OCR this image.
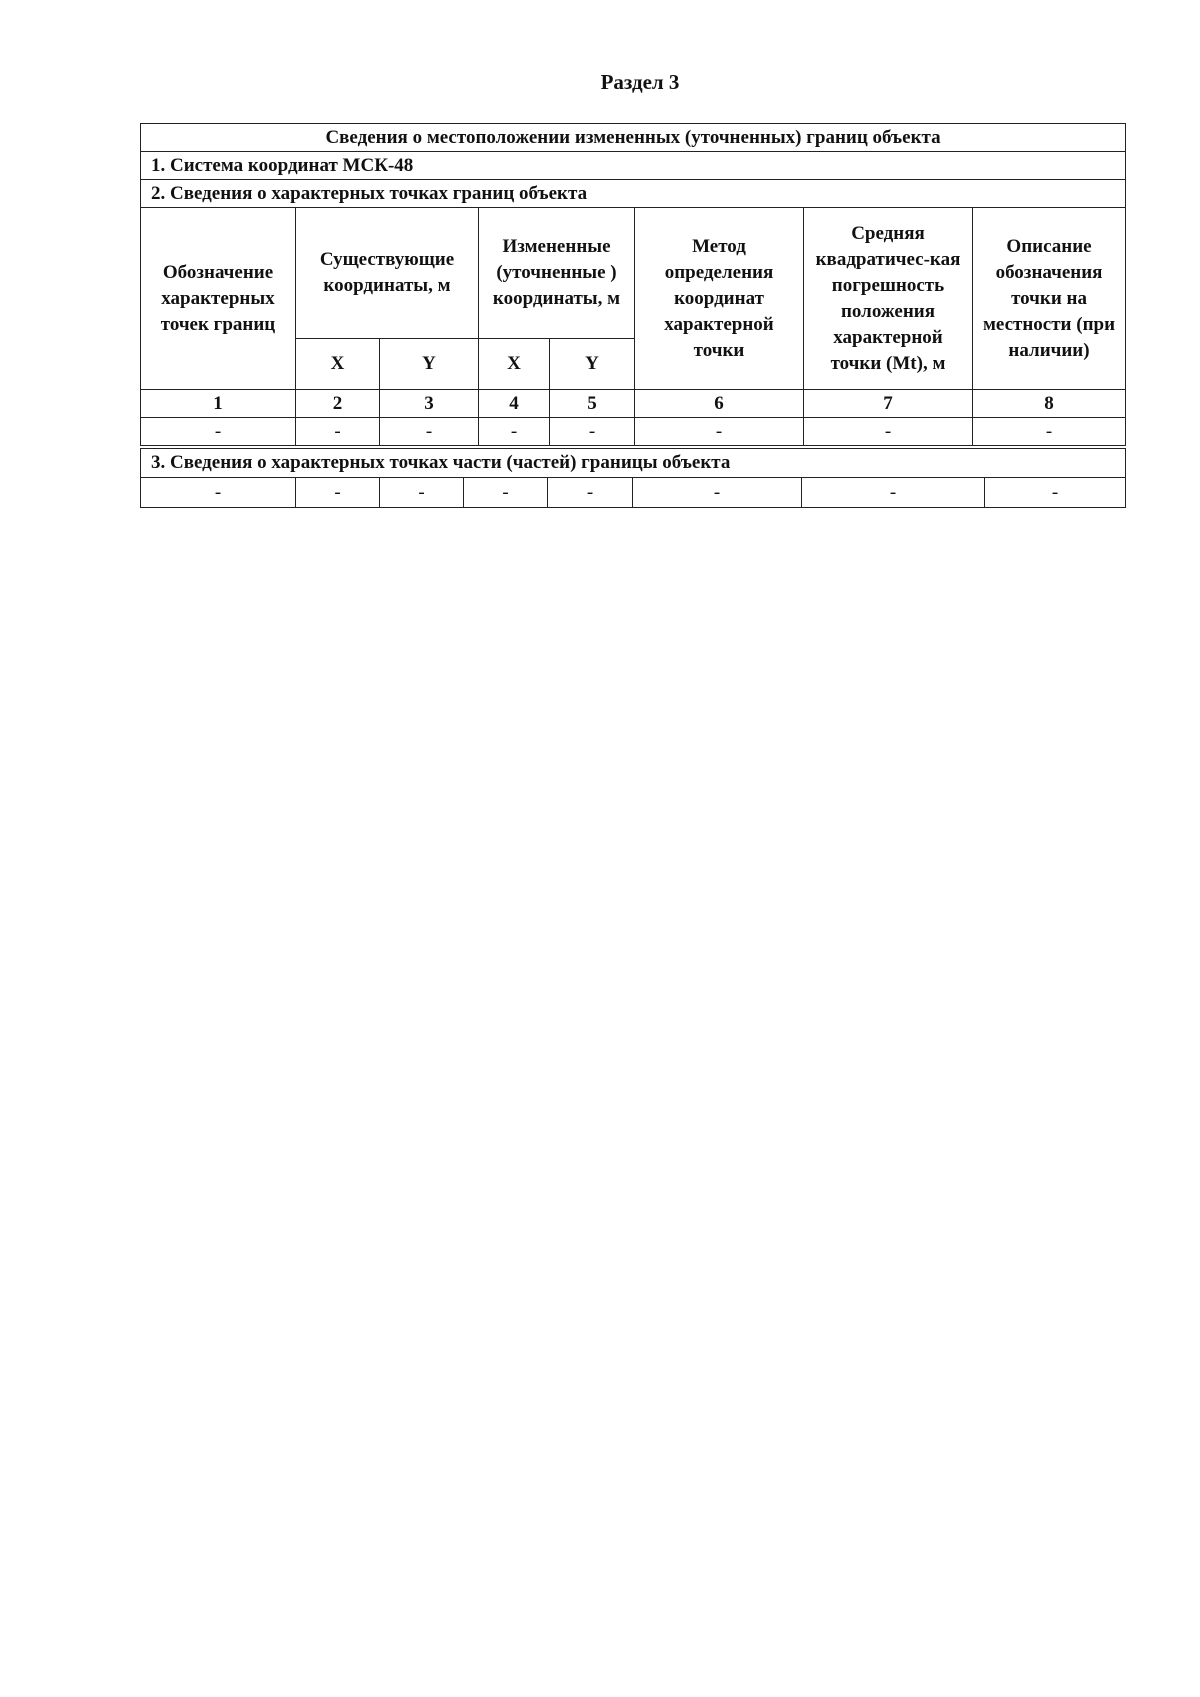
Раздел 3
Сведения о местоположении измененных (уточненных) границ объекта							
1. Система координат МСК-48							
2. Сведения о характерных точках границ объекта							
Обозначение характерных точек границ	Существующие координаты, м		Измененные (уточненные ) координаты, м		Метод определения координат характерной точки	Средняя квадратичес-кая погрешность положения характерной точки (Mt), м	Описание обозначения точки на местности (при наличии)
	X	Y	X	Y			
1	2	3	4	5	6	7	8
-	-	-	-	-	-	-	-
3. Сведения о характерных точках части (частей) границы объекта
-	-	-	-	-	-	-	-
